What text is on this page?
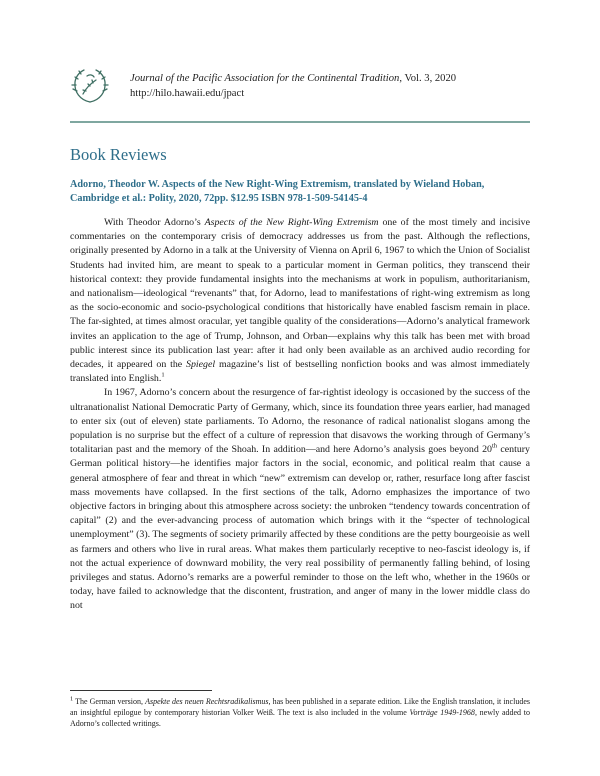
Journal of the Pacific Association for the Continental Tradition, Vol. 3, 2020
http://hilo.hawaii.edu/jpact
Book Reviews
Adorno, Theodor W. Aspects of the New Right-Wing Extremism, translated by Wieland Hoban, Cambridge et al.: Polity, 2020, 72pp. $12.95 ISBN 978-1-509-54145-4

With Theodor Adorno’s Aspects of the New Right-Wing Extremism one of the most timely and incisive commentaries on the contemporary crisis of democracy addresses us from the past. Although the reflections, originally presented by Adorno in a talk at the University of Vienna on April 6, 1967 to which the Union of Socialist Students had invited him, are meant to speak to a particular moment in German politics, they transcend their historical context: they provide fundamental insights into the mechanisms at work in populism, authoritarianism, and nationalism—ideological “revenants” that, for Adorno, lead to manifestations of right-wing extremism as long as the socio-economic and socio-psychological conditions that historically have enabled fascism remain in place. The far-sighted, at times almost oracular, yet tangible quality of the considerations—Adorno’s analytical framework invites an application to the age of Trump, Johnson, and Orban—explains why this talk has been met with broad public interest since its publication last year: after it had only been available as an archived audio recording for decades, it appeared on the Spiegel magazine’s list of bestselling nonfiction books and was almost immediately translated into English.$^1$

In 1967, Adorno’s concern about the resurgence of far-rightist ideology is occasioned by the success of the ultranationalist National Democratic Party of Germany, which, since its foundation three years earlier, had managed to enter six (out of eleven) state parliaments. To Adorno, the resonance of radical nationalist slogans among the population is no surprise but the effect of a culture of repression that disavows the working through of Germany’s totalitarian past and the memory of the Shoah. In addition—and here Adorno’s analysis goes beyond 20th century German political history—he identifies major factors in the social, economic, and political realm that cause a general atmosphere of fear and threat in which “new” extremism can develop or, rather, resurface long after fascist mass movements have collapsed. In the first sections of the talk, Adorno emphasizes the importance of two objective factors in bringing about this atmosphere across society: the unbroken “tendency towards concentration of capital” (2) and the ever-advancing process of automation which brings with it the “specter of technological unemployment” (3). The segments of society primarily affected by these conditions are the petty bourgeoisie as well as farmers and others who live in rural areas. What makes them particularly receptive to neo-fascist ideology is, if not the actual experience of downward mobility, the very real possibility of permanently falling behind, of losing privileges and status. Adorno’s remarks are a powerful reminder to those on the left who, whether in the 1960s or today, have failed to acknowledge that the discontent, frustration, and anger of many in the lower middle class do not

$^1$ The German version, Aspekte des neuen Rechtsradikalismus, has been published in a separate edition. Like the English translation, it includes an insightful epilogue by contemporary historian Volker Weiß. The text is also included in the volume Vorträge 1949-1968, newly added to Adorno’s collected writings.
